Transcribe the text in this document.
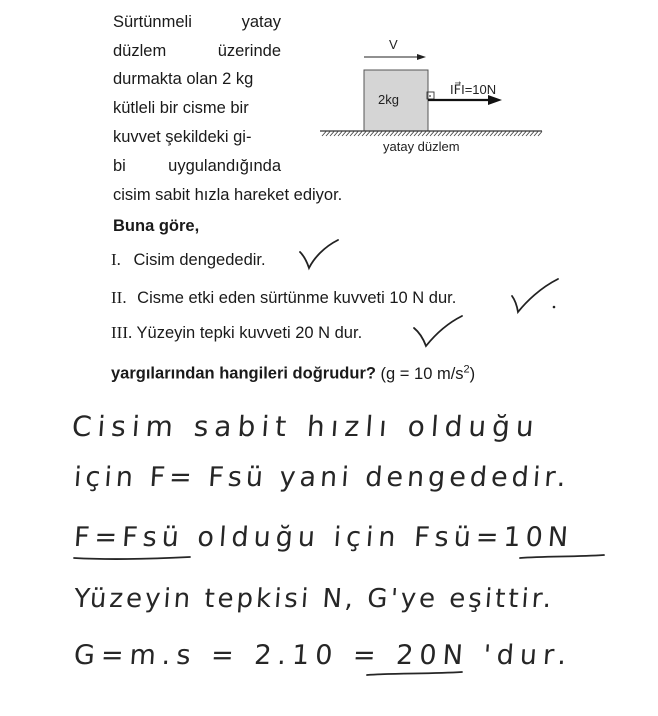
Sürtünmeli	yatay
düzlem	üzerinde
durmakta olan 2 kg
kütleli bir cisme bir
kuvvet şekildeki gi-
bi	uygulandığında
cisim sabit hızla hareket ediyor.
Buna göre,
I. Cisim dengededir.
II. Cisme etki eden sürtünme kuvveti 10 N dur.
III. Yüzeyin tepki kuvveti 20 N dur.
yargılarından hangileri doğrudur? (g = 10 $m/s^2$)
V
2kg
IF⃗I=10N
yatay düzlem
Cisim sabit hızlı olduğu
için F= Fsü yani dengededir.
F=Fsü olduğu için Fsü=10N
Yüzeyin tepkisi N, G'ye eşittir.
G=m.s = 2.10 = 20N 'dur.
